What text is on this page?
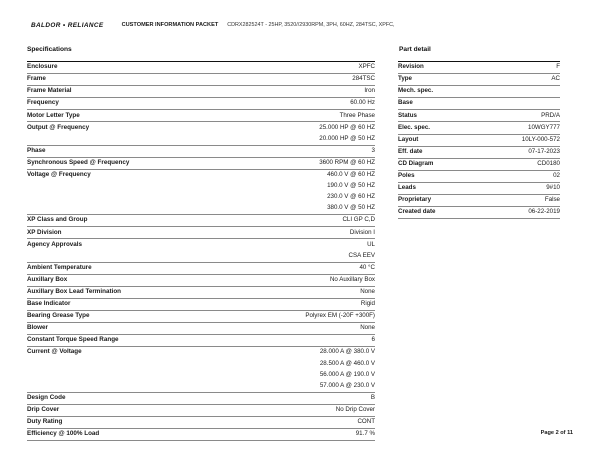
BALDOR • RELIANCE	CUSTOMER INFORMATION PACKET CDRX282524T - 25HP, 3520//2930RPM, 3PH, 60HZ, 284TSC, XPFC,
Specifications
Enclosure	XPFC
Frame	284TSC
Frame Material	Iron
Frequency	60.00 Hz
Motor Letter Type	Three Phase
Output @ Frequency	25.000 HP @ 60 HZ
20.000 HP @ 50 HZ
Phase	3
Synchronous Speed @ Frequency	3600 RPM @ 60 HZ
Voltage @ Frequency	460.0 V @ 60 HZ
190.0 V @ 50 HZ
230.0 V @ 60 HZ
380.0 V @ 50 HZ
XP Class and Group	CLI GP C,D
XP Division	Division I
Agency Approvals	UL
CSA EEV
Ambient Temperature	40 °C
Auxillary Box	No Auxillary Box
Auxillary Box Lead Termination	None
Base Indicator	Rigid
Bearing Grease Type	Polyrex EM (-20F +300F)
Blower	None
Constant Torque Speed Range	6
Current @ Voltage	28.000 A @ 380.0 V
28.500 A @ 460.0 V
56.000 A @ 190.0 V
57.000 A @ 230.0 V
Design Code	B
Drip Cover	No Drip Cover
Duty Rating	CONT
Efficiency @ 100% Load	91.7 %
Part detail
Revision	F
Type	AC
Mech. spec.
Base
Status	PRD/A
Elec. spec.	10WGY777
Layout	10LY-000-572
Eff. date	07-17-2023
CD Diagram	CD0180
Poles	02
Leads	9#10
Proprietary	False
Created date	06-22-2019
Page 2 of 11
